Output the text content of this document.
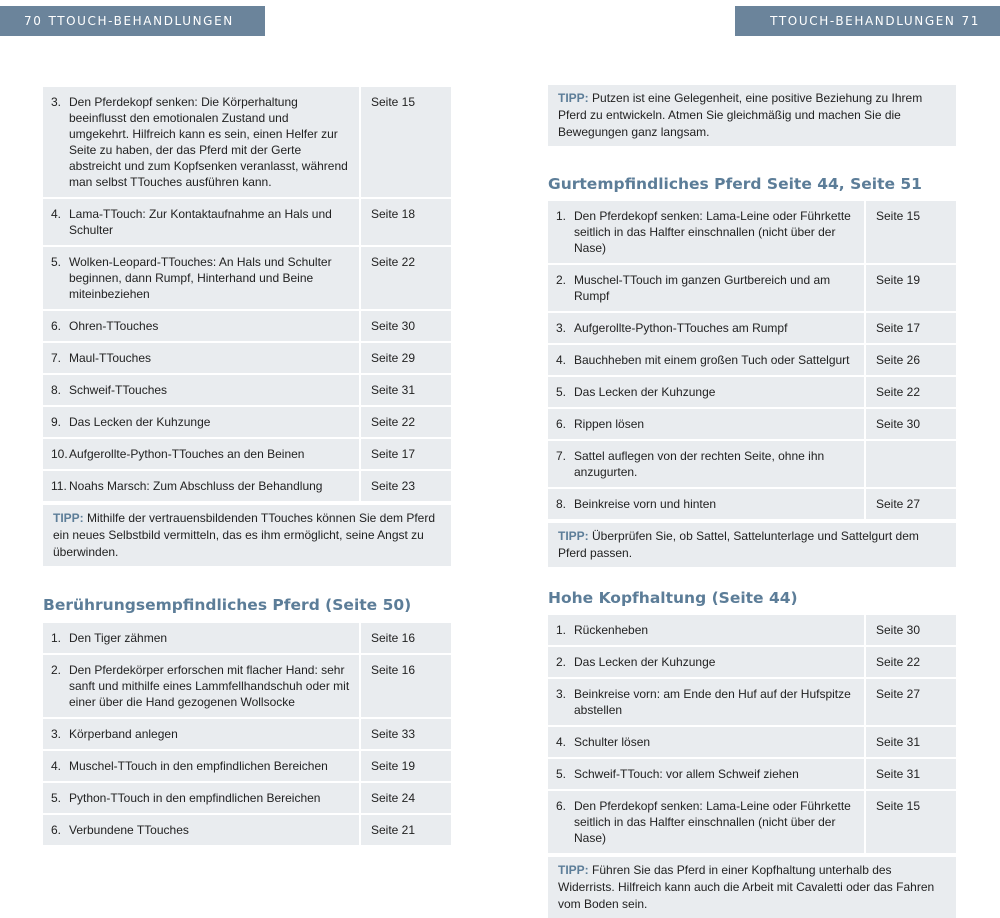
70 TTOUCH-BEHANDLUNGEN	TTOUCH-BEHANDLUNGEN 71
3. Den Pferdekopf senken: Die Körperhaltung beeinflusst den emotionalen Zustand und umgekehrt. Hilfreich kann es sein, einen Helfer zur Seite zu haben, der das Pferd mit der Gerte abstreicht und zum Kopfsenken veranlasst, während man selbst TTouches ausführen kann.	Seite 15

4. Lama-TTouch: Zur Kontaktaufnahme an Hals und Schulter	Seite 18

5. Wolken-Leopard-TTouches: An Hals und Schulter beginnen, dann Rumpf, Hinterhand und Beine miteinbeziehen	Seite 22

6. Ohren-TTouches	Seite 30

7. Maul-TTouches	Seite 29

8. Schweif-TTouches	Seite 31

9. Das Lecken der Kuhzunge	Seite 22

10. Aufgerollte-Python-TTouches an den Beinen	Seite 17

11. Noahs Marsch: Zum Abschluss der Behandlung	Seite 23
TIPP: Mithilfe der vertrauensbildenden TTouches können Sie dem Pferd ein neues Selbstbild vermitteln, das es ihm ermöglicht, seine Angst zu überwinden.
Berührungsempfindliches Pferd (Seite 50)
1. Den Tiger zähmen	Seite 16

2. Den Pferdekörper erforschen mit flacher Hand: sehr sanft und mithilfe eines Lammfellhandschuh oder mit einer über die Hand gezogenen Wollsocke	Seite 16

3. Körperband anlegen	Seite 33

4. Muschel-TTouch in den empfindlichen Bereichen	Seite 19

5. Python-TTouch in den empfindlichen Bereichen	Seite 24

6. Verbundene TTouches	Seite 21
TIPP: Putzen ist eine Gelegenheit, eine positive Beziehung zu Ihrem Pferd zu entwickeln. Atmen Sie gleichmäßig und machen Sie die Bewegungen ganz langsam.
Gurtempfindliches Pferd Seite 44, Seite 51
1. Den Pferdekopf senken: Lama-Leine oder Führkette seitlich in das Halfter einschnallen (nicht über der Nase)	Seite 15

2. Muschel-TTouch im ganzen Gurtbereich und am Rumpf	Seite 19

3. Aufgerollte-Python-TTouches am Rumpf	Seite 17

4. Bauchheben mit einem großen Tuch oder Sattelgurt	Seite 26

5. Das Lecken der Kuhzunge	Seite 22

6. Rippen lösen	Seite 30

7. Sattel auflegen von der rechten Seite, ohne ihn anzugurten.	

8. Beinkreise vorn und hinten	Seite 27
TIPP: Überprüfen Sie, ob Sattel, Sattelunterlage und Sattelgurt dem Pferd passen.
Hohe Kopfhaltung (Seite 44)
1. Rückenheben	Seite 30

2. Das Lecken der Kuhzunge	Seite 22

3. Beinkreise vorn: am Ende den Huf auf der Hufspitze abstellen	Seite 27

4. Schulter lösen	Seite 31

5. Schweif-TTouch: vor allem Schweif ziehen	Seite 31

6. Den Pferdekopf senken: Lama-Leine oder Führkette seitlich in das Halfter einschnallen (nicht über der Nase)	Seite 15
TIPP: Führen Sie das Pferd in einer Kopfhaltung unterhalb des Widerrists. Hilfreich kann auch die Arbeit mit Cavaletti oder das Fahren vom Boden sein.
